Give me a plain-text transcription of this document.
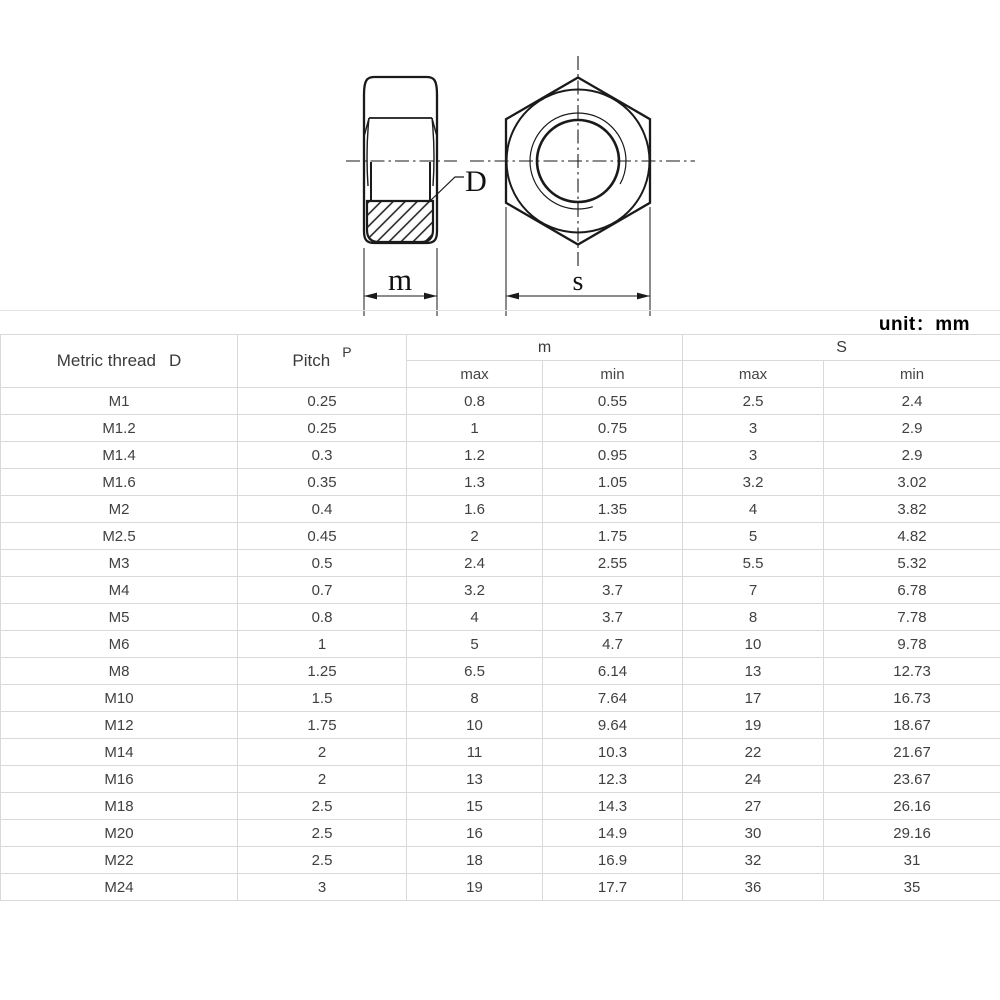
D
m	s
unit：mm
Metric thread D	Pitch P	m		S	
		max	min	max	min
M1	0.25	0.8	0.55	2.5	2.4
M1.2	0.25	1	0.75	3	2.9
M1.4	0.3	1.2	0.95	3	2.9
M1.6	0.35	1.3	1.05	3.2	3.02
M2	0.4	1.6	1.35	4	3.82
M2.5	0.45	2	1.75	5	4.82
M3	0.5	2.4	2.55	5.5	5.32
M4	0.7	3.2	3.7	7	6.78
M5	0.8	4	3.7	8	7.78
M6	1	5	4.7	10	9.78
M8	1.25	6.5	6.14	13	12.73
M10	1.5	8	7.64	17	16.73
M12	1.75	10	9.64	19	18.67
M14	2	11	10.3	22	21.67
M16	2	13	12.3	24	23.67
M18	2.5	15	14.3	27	26.16
M20	2.5	16	14.9	30	29.16
M22	2.5	18	16.9	32	31
M24	3	19	17.7	36	35
